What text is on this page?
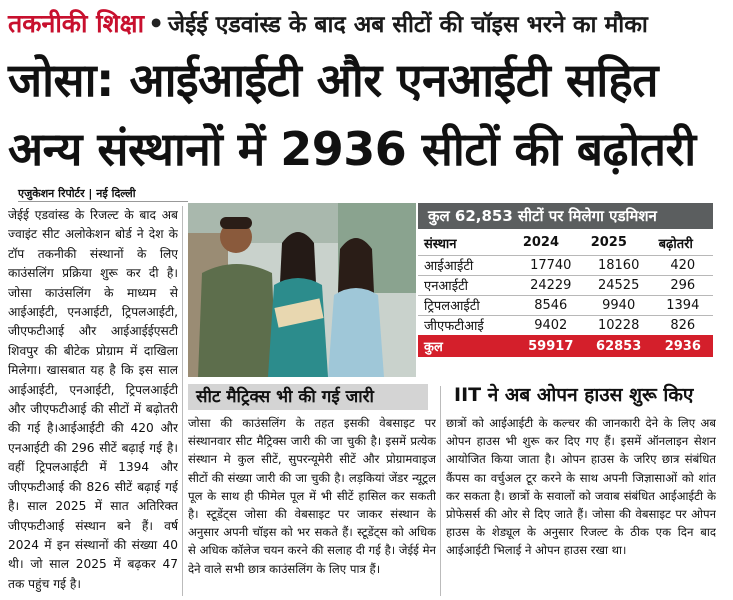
तकनीकी शिक्षा • जेईई एडवांस्ड के बाद अब सीटों की चॉइस भरने का मौका
जोसा: आईआईटी और एनआईटी सहित
अन्य संस्थानों में 2936 सीटों की बढ़ोतरी
एजुकेशन रिपोर्टर | नई दिल्ली
जेईई एडवांस्ड के रिजल्ट के बाद अब ज्वाइंट सीट अलोकेशन बोर्ड ने देश के टॉप तकनीकी संस्थानों के लिए काउंसलिंग प्रक्रिया शुरू कर दी है। जोसा काउंसलिंग के माध्यम से आईआईटी, एनआईटी, ट्रिपलआईटी, जीएफटीआई और आईआईईएसटी शिवपुर की बीटेक प्रोग्राम में दाखिला मिलेगा। खासबात यह है कि इस साल आईआईटी, एनआईटी, ट्रिपलआईटी और जीएफटीआई की सीटों में बढ़ोतरी की गई है।आईआईटी की 420 और एनआईटी की 296 सीटें बढ़ाई गई है। वहीं ट्रिपलआईटी में 1394 और जीएफटीआई की 826 सीटें बढ़ाई गई है। साल 2025 में सात अतिरिक्त जीएफटीआई संस्थान बने हैं। वर्ष 2024 में इन संस्थानों की संख्या 40 थी। जो साल 2025 में बढ़कर 47 तक पहुंच गई है।
कुल 62,853 सीटों पर मिलेगा एडमिशन
संस्थान	2024	2025	बढ़ोतरी
आईआईटी	17740	18160	420
एनआईटी	24229	24525	296
ट्रिपलआईटी	8546	9940	1394
जीएफटीआई	9402	10228	826
कुल	59917	62853	2936
सीट मैट्रिक्स भी की गई जारी
जोसा की काउंसलिंग के तहत इसकी वेबसाइट पर संस्थानवार सीट मैट्रिक्स जारी की जा चुकी है। इसमें प्रत्येक संस्थान मे कुल सीटें, सुपरन्यूमेरी सीटें और प्रोग्रामवाइज सीटों की संख्या जारी की जा चुकी है। लड़कियां जेंडर न्यूट्रल पूल के साथ ही फीमेल पूल में भी सीटें हासिल कर सकती है। स्टूडेंट्स जोसा की वेबसाइट पर जाकर संस्थान के अनुसार अपनी चॉइस को भर सकते हैं। स्टूडेंट्स को अधिक से अधिक कॉलेज चयन करने की सलाह दी गई है। जेईई मेन देने वाले सभी छात्र काउंसलिंग के लिए पात्र हैं।
IIT ने अब ओपन हाउस शुरू किए
छात्रों को आईआईटी के कल्चर की जानकारी देने के लिए अब ओपन हाउस भी शुरू कर दिए गए हैं। इसमें ऑनलाइन सेशन आयोजित किया जाता है। ओपन हाउस के जरिए छात्र संबंधित कैंपस का वर्चुअल टूर करने के साथ अपनी जिज्ञासाओं को शांत कर सकता है। छात्रों के सवालों को जवाब संबंधित आईआईटी के प्रोफेसर्स की ओर से दिए जाते हैं। जोसा की वेबसाइट पर ओपन हाउस के शेड्यूल के अनुसार रिजल्ट के ठीक एक दिन बाद आईआईटी भिलाई ने ओपन हाउस रखा था।
